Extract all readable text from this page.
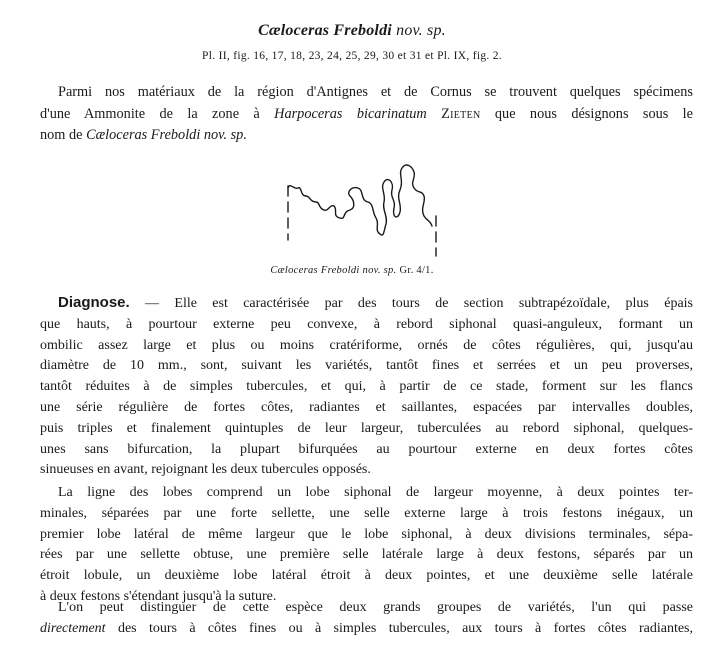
Cæloceras Freboldi nov. sp.
Pl. II, fig. 16, 17, 18, 23, 24, 25, 29, 30 et 31 et Pl. IX, fig. 2.
Parmi nos matériaux de la région d'Antignes et de Cornus se trouvent quelques spécimens
d'une Ammonite de la zone à Harpoceras bicarinatum Zieten que nous désignons sous le
nom de Cæloceras Freboldi nov. sp.
Cæloceras Freboldi nov. sp. Gr. 4/1.
Diagnose. — Elle est caractérisée par des tours de section subtrapézoïdale, plus épais
que hauts, à pourtour externe peu convexe, à rebord siphonal quasi-anguleux, formant un
ombilic assez large et plus ou moins cratériforme, ornés de côtes régulières, qui, jusqu'au
diamètre de 10 mm., sont, suivant les variétés, tantôt fines et serrées et un peu proverses,
tantôt réduites à de simples tubercules, et qui, à partir de ce stade, forment sur les flancs
une série régulière de fortes côtes, radiantes et saillantes, espacées par intervalles doubles,
puis triples et finalement quintuples de leur largeur, tuberculées au rebord siphonal, quelques-
unes sans bifurcation, la plupart bifurquées au pourtour externe en deux fortes côtes
sinueuses en avant, rejoignant les deux tubercules opposés.
La ligne des lobes comprend un lobe siphonal de largeur moyenne, à deux pointes ter-
minales, séparées par une forte sellette, une selle externe large à trois festons inégaux, un
premier lobe latéral de même largeur que le lobe siphonal, à deux divisions terminales, sépa-
rées par une sellette obtuse, une première selle latérale large à deux festons, séparés par un
étroit lobule, un deuxième lobe latéral étroit à deux pointes, et une deuxième selle latérale
à deux festons s'étendant jusqu'à la suture.
L'on peut distinguer de cette espèce deux grands groupes de variétés, l'un qui passe
directement des tours à côtes fines ou à simples tubercules, aux tours à fortes côtes radiantes,
